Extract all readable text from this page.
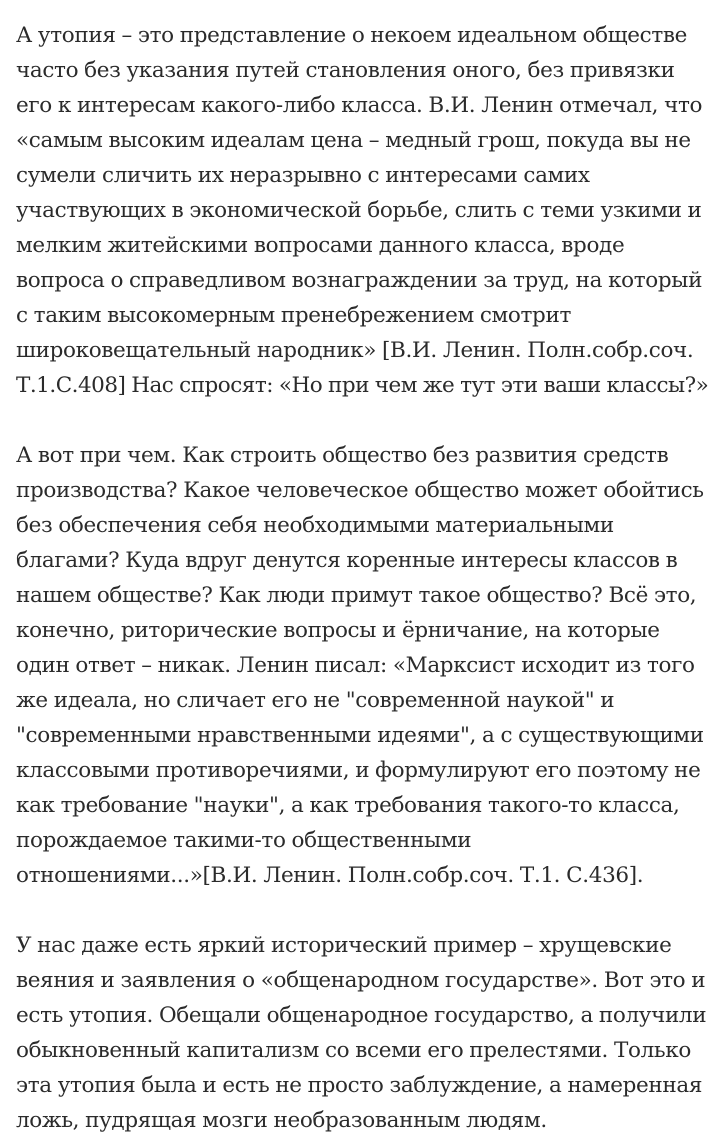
А утопия – это представление о некоем идеальном обществе
часто без указания путей становления оного, без привязки
его к интересам какого-либо класса. В.И. Ленин отмечал, что
«самым высоким идеалам цена – медный грош, покуда вы не
сумели сличить их неразрывно с интересами самих
участвующих в экономической борьбе, слить с теми узкими и
мелким житейскими вопросами данного класса, вроде
вопроса о справедливом вознаграждении за труд, на который
с таким высокомерным пренебрежением смотрит
широковещательный народник» [В.И. Ленин. Полн.собр.соч.
Т.1.С.408] Нас спросят: «Но при чем же тут эти ваши классы?»
А вот при чем. Как строить общество без развития средств
производства? Какое человеческое общество может обойтись
без обеспечения себя необходимыми материальными
благами? Куда вдруг денутся коренные интересы классов в
нашем обществе? Как люди примут такое общество? Всё это,
конечно, риторические вопросы и ёрничание, на которые
один ответ – никак. Ленин писал: «Марксист исходит из того
же идеала, но сличает его не "современной наукой" и
"современными нравственными идеями", а с существующими
классовыми противоречиями, и формулируют его поэтому не
как требование "науки", а как требования такого-то класса,
порождаемое такими-то общественными
отношениями...»[В.И. Ленин. Полн.собр.соч. Т.1. С.436].
У нас даже есть яркий исторический пример – хрущевские
веяния и заявления о «общенародном государстве». Вот это и
есть утопия. Обещали общенародное государство, а получили
обыкновенный капитализм со всеми его прелестями. Только
эта утопия была и есть не просто заблуждение, а намеренная
ложь, пудрящая мозги необразованным людям.
